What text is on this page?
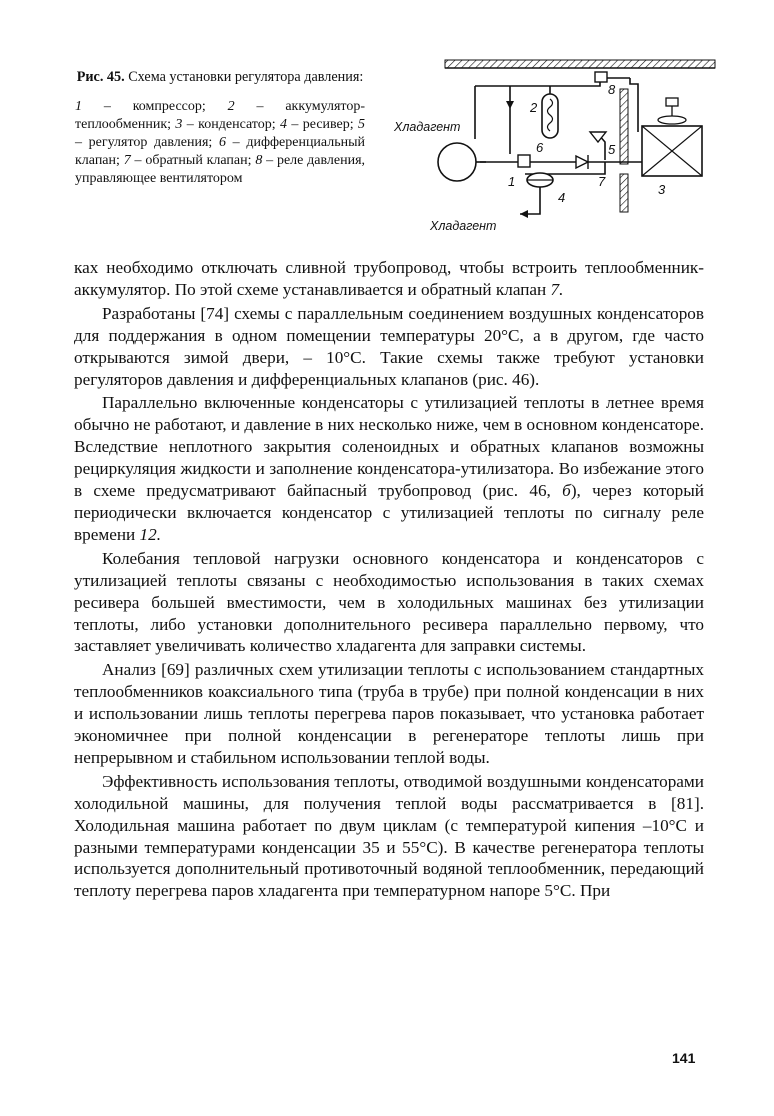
Рис. 45. Схема установки регулятора давления:
1 – компрессор; 2 – аккумулятор-теплообменник; 3 – конденсатор; 4 – ресивер; 5 – регулятор давления; 6 – дифференциальный клапан; 7 – обратный клапан; 8 – реле давления, управляющее вентилятором
Хладагент
Хладагент
1
2
3
4
5
6
7
8

ках необходимо отключать сливной трубопровод, чтобы встроить теплообменник-аккумулятор. По этой схеме устанавливается и обратный клапан 7.

Разработаны [74] схемы с параллельным соединением воздушных конденсаторов для поддержания в одном помещении температуры 20°С, а в другом, где часто открываются зимой двери, – 10°С. Такие схемы также требуют установки регуляторов давления и дифференциальных клапанов (рис. 46).

Параллельно включенные конденсаторы с утилизацией теплоты в летнее время обычно не работают, и давление в них несколько ниже, чем в основном конденсаторе. Вследствие неплотного закрытия соленоидных и обратных клапанов возможны рециркуляция жидкости и заполнение конденсатора-утилизатора. Во избежание этого в схеме предусматривают байпасный трубопровод (рис. 46, б), через который периодически включается конденсатор с утилизацией теплоты по сигналу реле времени 12.

Колебания тепловой нагрузки основного конденсатора и конденсаторов с утилизацией теплоты связаны с необходимостью использования в таких схемах ресивера большей вместимости, чем в холодильных машинах без утилизации теплоты, либо установки дополнительного ресивера параллельно первому, что заставляет увеличивать количество хладагента для заправки системы.

Анализ [69] различных схем утилизации теплоты с использованием стандартных теплообменников коаксиального типа (труба в трубе) при полной конденсации в них и использовании лишь теплоты перегрева паров показывает, что установка работает экономичнее при полной конденсации в регенераторе теплоты лишь при непрерывном и стабильном использовании теплой воды.

Эффективность использования теплоты, отводимой воздушными конденсаторами холодильной машины, для получения теплой воды рассматривается в [81]. Холодильная машина работает по двум циклам (с температурой кипения –10°С и разными температурами конденсации 35 и 55°С). В качестве регенератора теплоты используется дополнительный противоточный водяной теплообменник, передающий теплоту перегрева паров хладагента при температурном напоре 5°С. При

141
